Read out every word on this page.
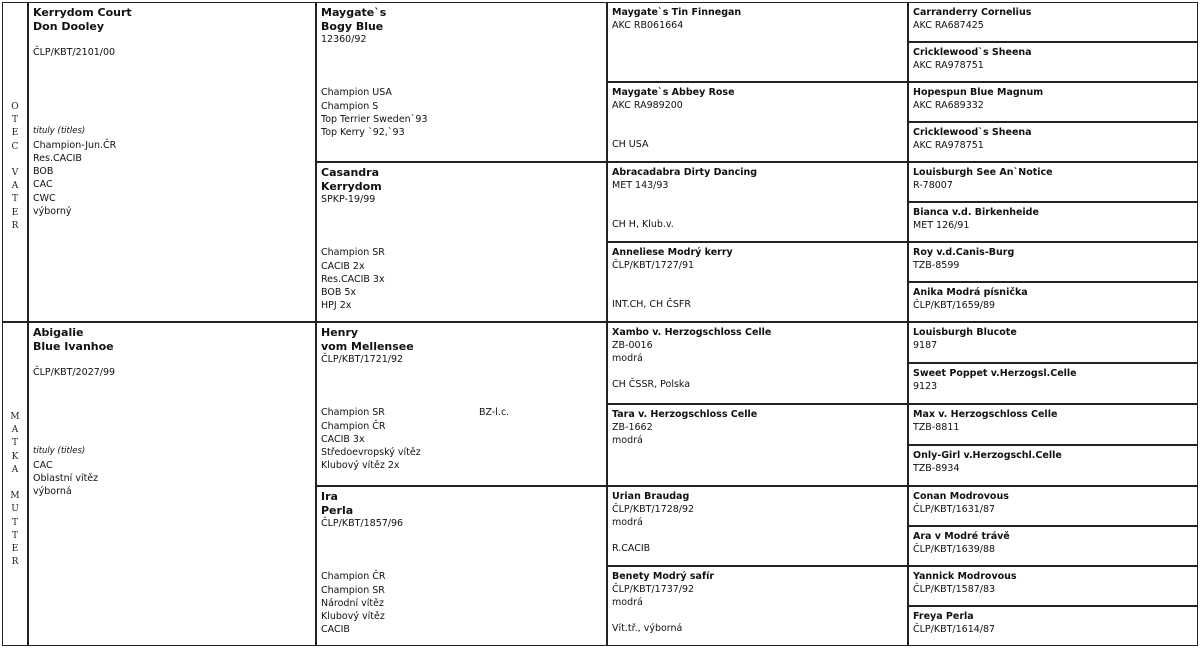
O
T
E
C

V
A
T
E
R
M
A
T
K
A

M
U
T
T
E
R
Kerrydom Court
Don Dooley
ČLP/KBT/2101/00
tituly (titles)
Champion-Jun.ČR
Res.CACIB
BOB
CAC
CWC
výborný
Abigalie
Blue Ivanhoe
ČLP/KBT/2027/99
tituly (titles)
CAC
Oblastní vítěz
výborná
Maygate`s
Bogy Blue
12360/92
Champion USA
Champion S
Top Terrier Sweden`93
Top Kerry `92,`93
Casandra
Kerrydom
SPKP-19/99
Champion SR
CACIB 2x
Res.CACIB 3x
BOB 5x
HPJ 2x
Henry
vom Mellensee
ČLP/KBT/1721/92
Champion SR	BZ-l.c.
Champion ČR
CACIB 3x
Středoevropský vítěz
Klubový vítěz 2x
Ira
Perla
ČLP/KBT/1857/96
Champion ČR
Champion SR
Národní vítěz
Klubový vítěz
CACIB
Maygate`s Tin Finnegan
AKC RB061664
Maygate`s Abbey Rose
AKC RA989200
CH USA
Abracadabra Dirty Dancing
MET 143/93
CH H, Klub.v.
Anneliese Modrý kerry
ČLP/KBT/1727/91
INT.CH, CH ČSFR
Xambo v. Herzogschloss Celle
ZB-0016
modrá
CH ČSSR, Polska
Tara v. Herzogschloss Celle
ZB-1662
modrá
Urian Braudag
ČLP/KBT/1728/92
modrá
R.CACIB
Benety Modrý safír
ČLP/KBT/1737/92
modrá
Vít.tř., výborná
Carranderry Cornelius
AKC RA687425
Cricklewood`s Sheena
AKC RA978751
Hopespun Blue Magnum
AKC RA689332
Cricklewood`s Sheena
AKC RA978751
Louisburgh See An`Notice
R-78007
Bianca v.d. Birkenheide
MET 126/91
Roy v.d.Canis-Burg
TZB-8599
Anika Modrá písnička
ČLP/KBT/1659/89
Louisburgh Blucote
9187
Sweet Poppet v.Herzogsl.Celle
9123
Max v. Herzogschloss Celle
TZB-8811
Only-Girl v.Herzogschl.Celle
TZB-8934
Conan Modrovous
ČLP/KBT/1631/87
Ara v Modré trávě
ČLP/KBT/1639/88
Yannick Modrovous
ČLP/KBT/1587/83
Freya Perla
ČLP/KBT/1614/87
